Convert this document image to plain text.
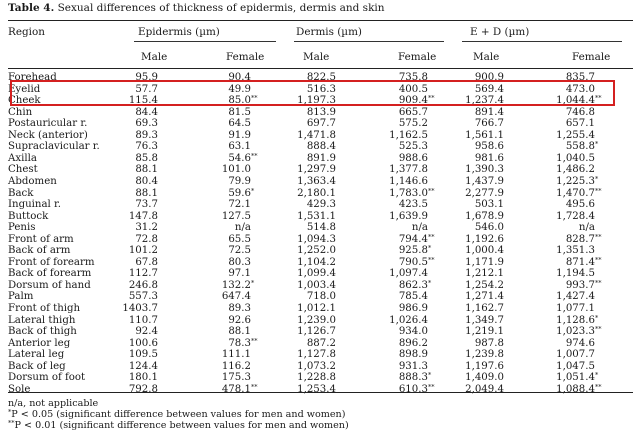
Table 4. Sexual differences of thickness of epidermis, dermis and skin
Region	Epidermis (µm)	Dermis (µm)	E + D (µm)
Male	Female	Male	Female	Male	Female
Forehead	95.9	90.4	822.5	735.8	900.9	835.7
Eyelid	57.7	49.9	516.3	400.5	569.4	473.0
Cheek	115.4	85.0**	1,197.3	909.4**	1,237.4	1,044.4**
Chin	84.4	81.5	813.9	665.7	891.4	746.8
Postauricular r.	69.3	64.5	697.7	575.2	766.7	657.1
Neck (anterior)	89.3	91.9	1,471.8	1,162.5	1,561.1	1,255.4
Supraclavicular r.	76.3	63.1	888.4	525.3	958.6	558.8*
Axilla	85.8	54.6**	891.9	988.6	981.6	1,040.5
Chest	88.1	101.0	1,297.9	1,377.8	1,390.3	1,486.2
Abdomen	80.4	79.9	1,363.4	1,146.6	1,437.9	1,225.3*
Back	88.1	59.6*	2,180.1	1,783.0**	2,277.9	1,470.7**
Inguinal r.	73.7	72.1	429.3	423.5	503.1	495.6
Buttock	147.8	127.5	1,531.1	1,639.9	1,678.9	1,728.4
Penis	31.2	n/a	514.8	n/a	546.0	n/a
Front of arm	72.8	65.5	1,094.3	794.4**	1,192.6	828.7**
Back of arm	101.2	72.5	1,252.0	925.8*	1,000.4	1,351.3
Front of forearm	67.8	80.3	1,104.2	790.5**	1,171.9	871.4**
Back of forearm	112.7	97.1	1,099.4	1,097.4	1,212.1	1,194.5
Dorsum of hand	246.8	132.2*	1,003.4	862.3*	1,254.2	993.7**
Palm	557.3	647.4	718.0	785.4	1,271.4	1,427.4
Front of thigh	1403.7	89.3	1,012.1	986.9	1,162.7	1,077.1
Lateral thigh	110.7	92.6	1,239.0	1,026.4	1,349.7	1,128.6*
Back of thigh	92.4	88.1	1,126.7	934.0	1,219.1	1,023.3**
Anterior leg	100.6	78.3**	887.2	896.2	987.8	974.6
Lateral leg	109.5	111.1	1,127.8	898.9	1,239.8	1,007.7
Back of leg	124.4	116.2	1,073.2	931.3	1,197.6	1,047.5
Dorsum of foot	180.1	175.3	1,228.8	888.3*	1,409.0	1,051.4*
Sole	792.8	478.1**	1,253.4	610.3**	2,049.4	1,088.4**
n/a, not applicable
*P < 0.05 (significant difference between values for men and women)
**P < 0.01 (significant difference between values for men and women)
